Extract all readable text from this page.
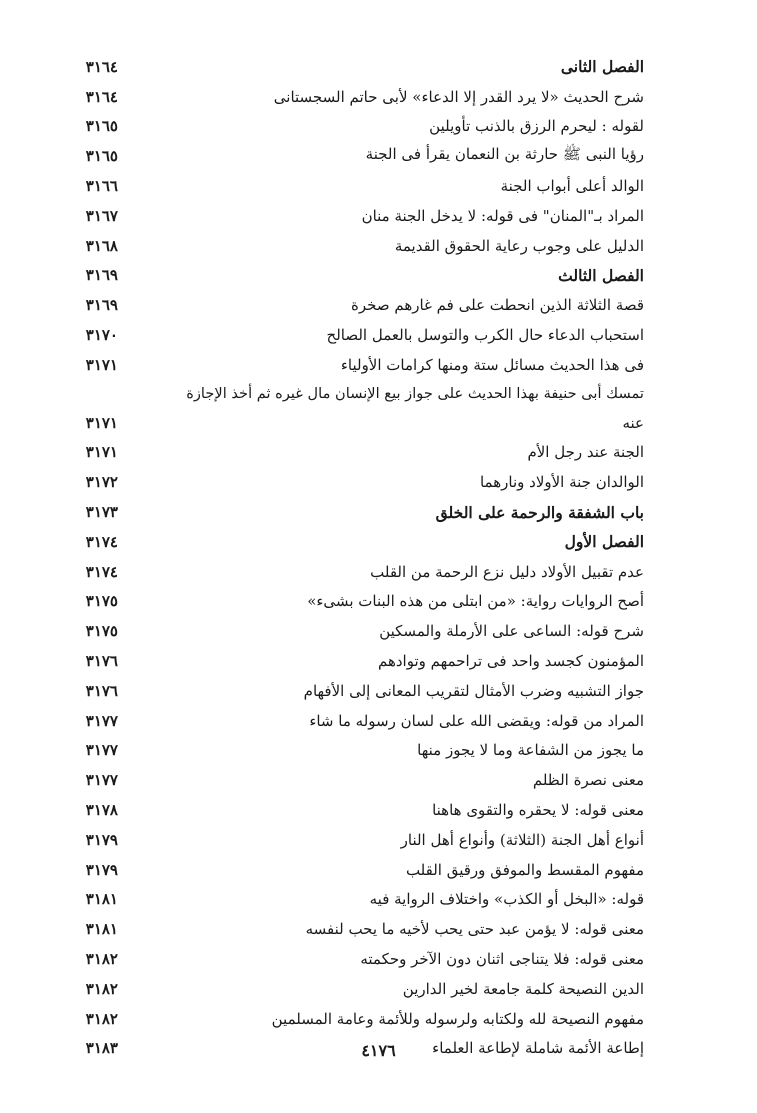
الفصل الثانى
٣١٦٤
شرح الحديث «لا يرد القدر إلا الدعاء» لأبى حاتم السجستانى
٣١٦٤
لقوله : ليحرم الرزق بالذنب تأويلين
٣١٦٥
رؤيا النبى ﷺ حارثة بن النعمان يقرأ فى الجنة
٣١٦٥
الوالد أعلى أبواب الجنة
٣١٦٦
المراد بـ"المنان" فى قوله: لا يدخل الجنة منان
٣١٦٧
الدليل على وجوب رعاية الحقوق القديمة
٣١٦٨
الفصل الثالث
٣١٦٩
قصة الثلاثة الذين انحطت على فم غارهم صخرة
٣١٦٩
استحباب الدعاء حال الكرب والتوسل بالعمل الصالح
٣١٧٠
فى هذا الحديث مسائل ستة ومنها كرامات الأولياء
٣١٧١
تمسك أبى حنيفة بهذا الحديث على جواز بيع الإنسان مال غيره ثم أخذ الإجازة
عنه
٣١٧١
الجنة عند رجل الأم
٣١٧١
الوالدان جنة الأولاد ونارهما
٣١٧٢
باب الشفقة والرحمة على الخلق
٣١٧٣
الفصل الأول
٣١٧٤
عدم تقبيل الأولاد دليل نزع الرحمة من القلب
٣١٧٤
أصح الروايات رواية: «من ابتلى من هذه البنات بشىء»
٣١٧٥
شرح قوله: الساعى على الأرملة والمسكين
٣١٧٥
المؤمنون كجسد واحد فى تراحمهم وتوادهم
٣١٧٦
جواز التشبيه وضرب الأمثال لتقريب المعانى إلى الأفهام
٣١٧٦
المراد من قوله: ويقضى الله على لسان رسوله ما شاء
٣١٧٧
ما يجوز من الشفاعة وما لا يجوز منها
٣١٧٧
معنى نصرة الظلم
٣١٧٧
معنى قوله: لا يحقره والتقوى هاهنا
٣١٧٨
أنواع أهل الجنة (الثلاثة) وأنواع أهل النار
٣١٧٩
مفهوم المقسط والموفق ورقيق القلب
٣١٧٩
قوله: «البخل أو الكذب» واختلاف الرواية فيه
٣١٨١
معنى قوله: لا يؤمن عبد حتى يحب لأخيه ما يحب لنفسه
٣١٨١
معنى قوله: فلا يتناجى اثنان دون الآخر وحكمته
٣١٨٢
الدين النصيحة كلمة جامعة لخير الدارين
٣١٨٢
مفهوم النصيحة لله ولكتابه ولرسوله وللأئمة وعامة المسلمين
٣١٨٢
إطاعة الأئمة شاملة لإطاعة العلماء
٣١٨٣	٤١٧٦
